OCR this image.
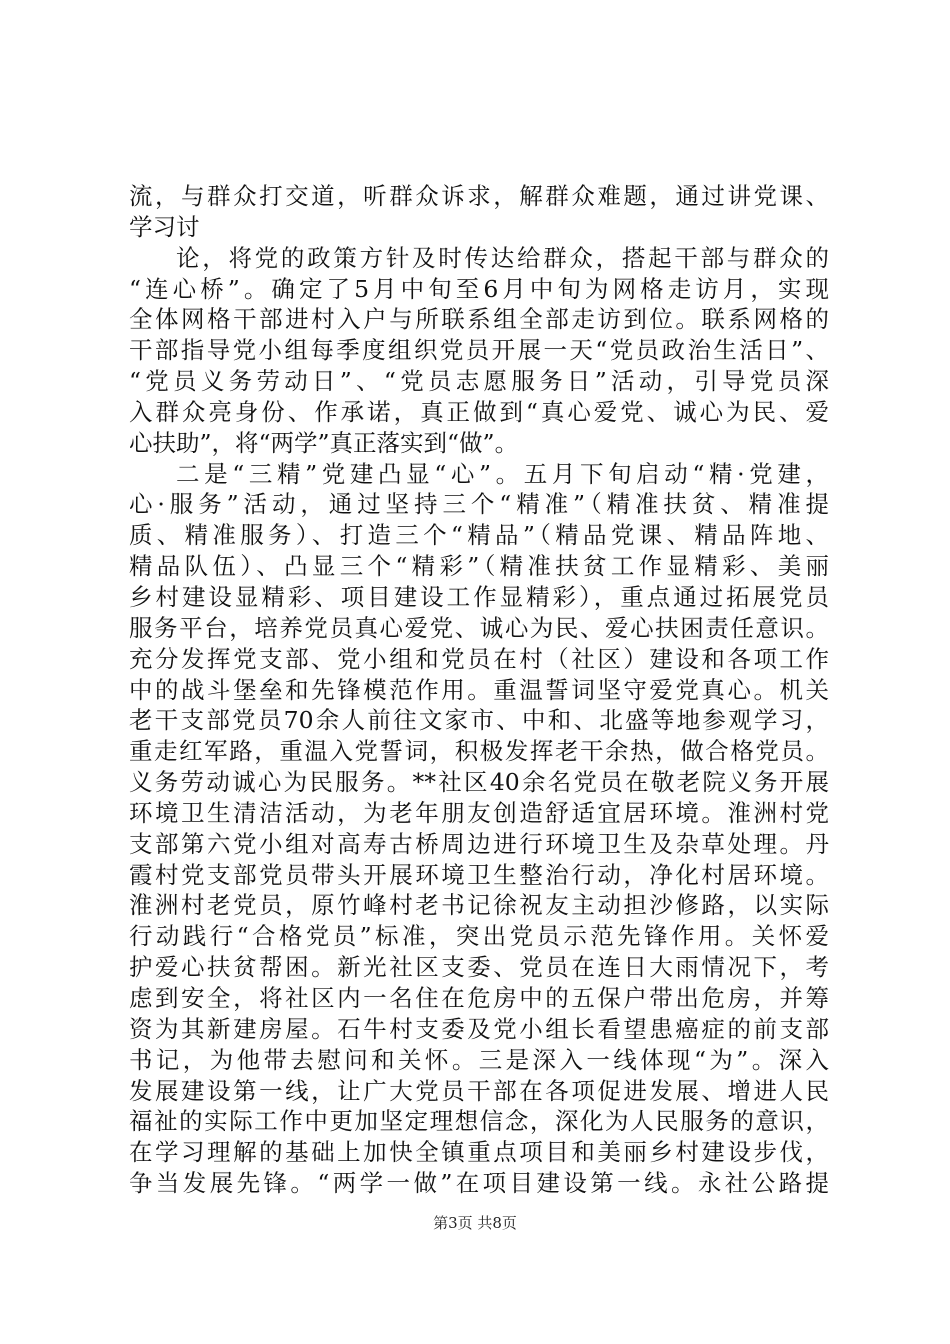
流，与群众打交道，听群众诉求，解群众难题，通过讲党课、
学习讨
论，将党的政策方针及时传达给群众，搭起干部与群众的
“连心桥”。确定了5月中旬至6月中旬为网格走访月，实现
全体网格干部进村入户与所联系组全部走访到位。联系网格的
干部指导党小组每季度组织党员开展一天“党员政治生活日”、
“党员义务劳动日”、“党员志愿服务日”活动，引导党员深
入群众亮身份、作承诺，真正做到“真心爱党、诚心为民、爱
心扶助”，将“两学”真正落实到“做”。
二是“三精”党建凸显“心”。五月下旬启动“精·党建，
心·服务”活动，通过坚持三个“精准”（精准扶贫、精准提
质、精准服务）、打造三个“精品”（精品党课、精品阵地、
精品队伍）、凸显三个“精彩”（精准扶贫工作显精彩、美丽
乡村建设显精彩、项目建设工作显精彩），重点通过拓展党员
服务平台，培养党员真心爱党、诚心为民、爱心扶困责任意识。
充分发挥党支部、党小组和党员在村（社区）建设和各项工作
中的战斗堡垒和先锋模范作用。重温誓词坚守爱党真心。机关
老干支部党员70余人前往文家市、中和、北盛等地参观学习，
重走红军路，重温入党誓词，积极发挥老干余热，做合格党员。
义务劳动诚心为民服务。**社区40余名党员在敬老院义务开展
环境卫生清洁活动，为老年朋友创造舒适宜居环境。淮洲村党
支部第六党小组对高寿古桥周边进行环境卫生及杂草处理。丹
霞村党支部党员带头开展环境卫生整治行动，净化村居环境。
淮洲村老党员，原竹峰村老书记徐祝友主动担沙修路，以实际
行动践行“合格党员”标准，突出党员示范先锋作用。关怀爱
护爱心扶贫帮困。新光社区支委、党员在连日大雨情况下，考
虑到安全，将社区内一名住在危房中的五保户带出危房，并筹
资为其新建房屋。石牛村支委及党小组长看望患癌症的前支部
书记，为他带去慰问和关怀。三是深入一线体现“为”。深入
发展建设第一线，让广大党员干部在各项促进发展、增进人民
福祉的实际工作中更加坚定理想信念，深化为人民服务的意识，
在学习理解的基础上加快全镇重点项目和美丽乡村建设步伐，
争当发展先锋。“两学一做”在项目建设第一线。永社公路提
第3页 共8页
